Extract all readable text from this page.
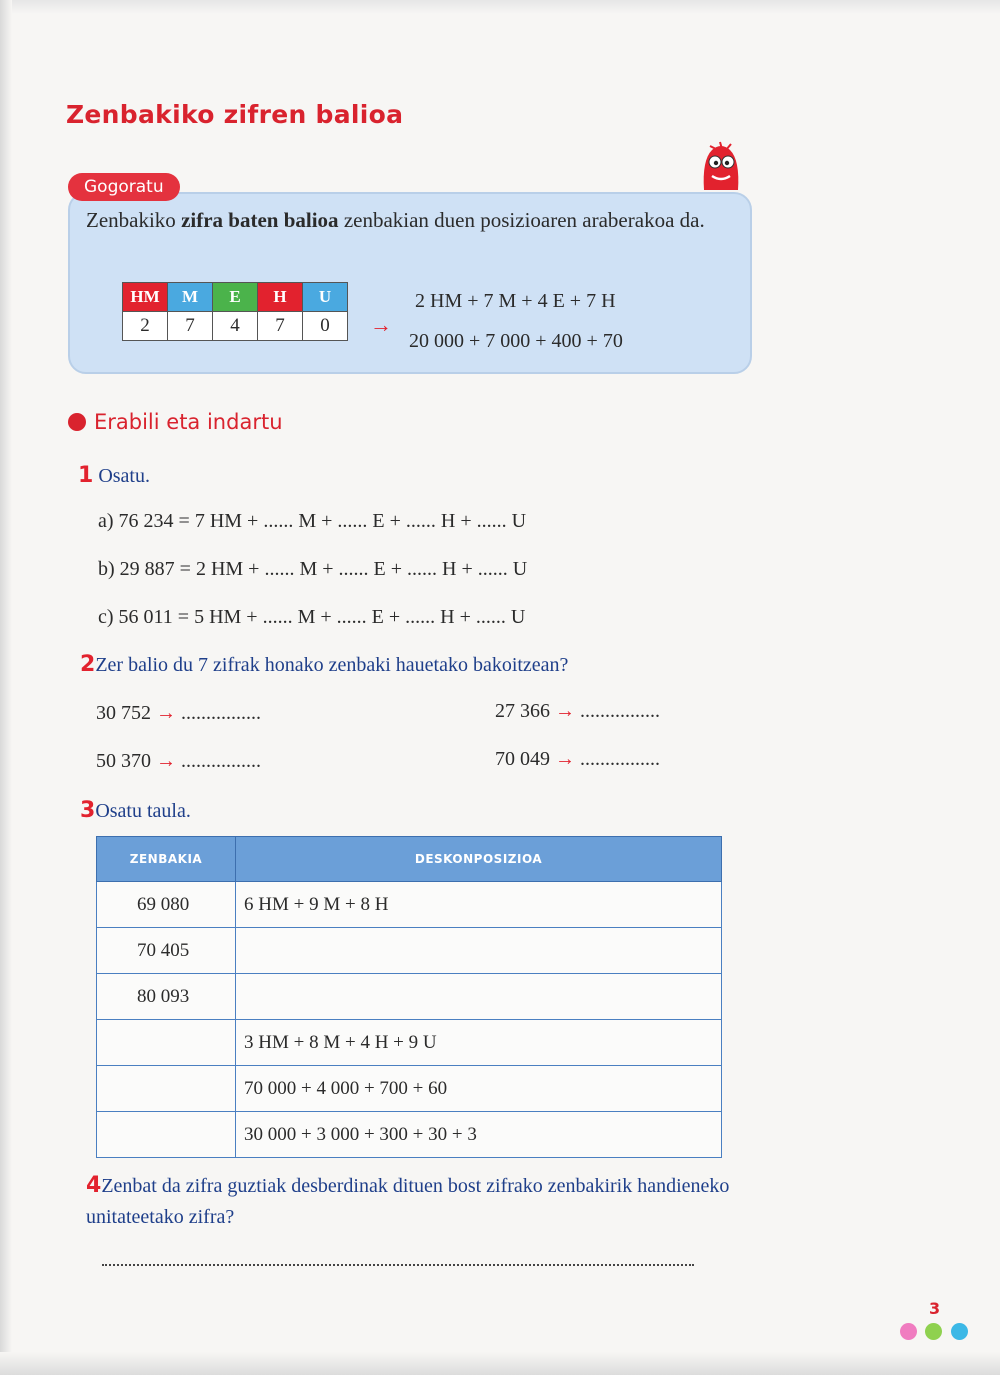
Zenbakiko zifren balioa
Gogoratu
Zenbakiko zifra baten balioa zenbakian duen posizioaren araberakoa da.
HM	M	E	H	U
2	7	4	7	0 →
2 HM + 7 M + 4 E + 7 H
20 000 + 7 000 + 400 + 70
Erabili eta indartu
1 Osatu.
a) 76 234 = 7 HM + ...... M + ...... E + ...... H + ...... U
b) 29 887 = 2 HM + ...... M + ...... E + ...... H + ...... U
c) 56 011 = 5 HM + ...... M + ...... E + ...... H + ...... U
2Zer balio du 7 zifrak honako zenbaki hauetako bakoitzean?
30 752 → ................	27 366 → ................
50 370 → ................	70 049 → ................
3Osatu taula.
ZENBAKIA	DESKONPOSIZIOA
69 080	6 HM + 9 M + 8 H
70 405	
80 093	
	3 HM + 8 M + 4 H + 9 U
	70 000 + 4 000 + 700 + 60
	30 000 + 3 000 + 300 + 30 + 3
4Zenbat da zifra guztiak desberdinak dituen bost zifrako zenbakirik handieneko unitateetako zifra?
3
